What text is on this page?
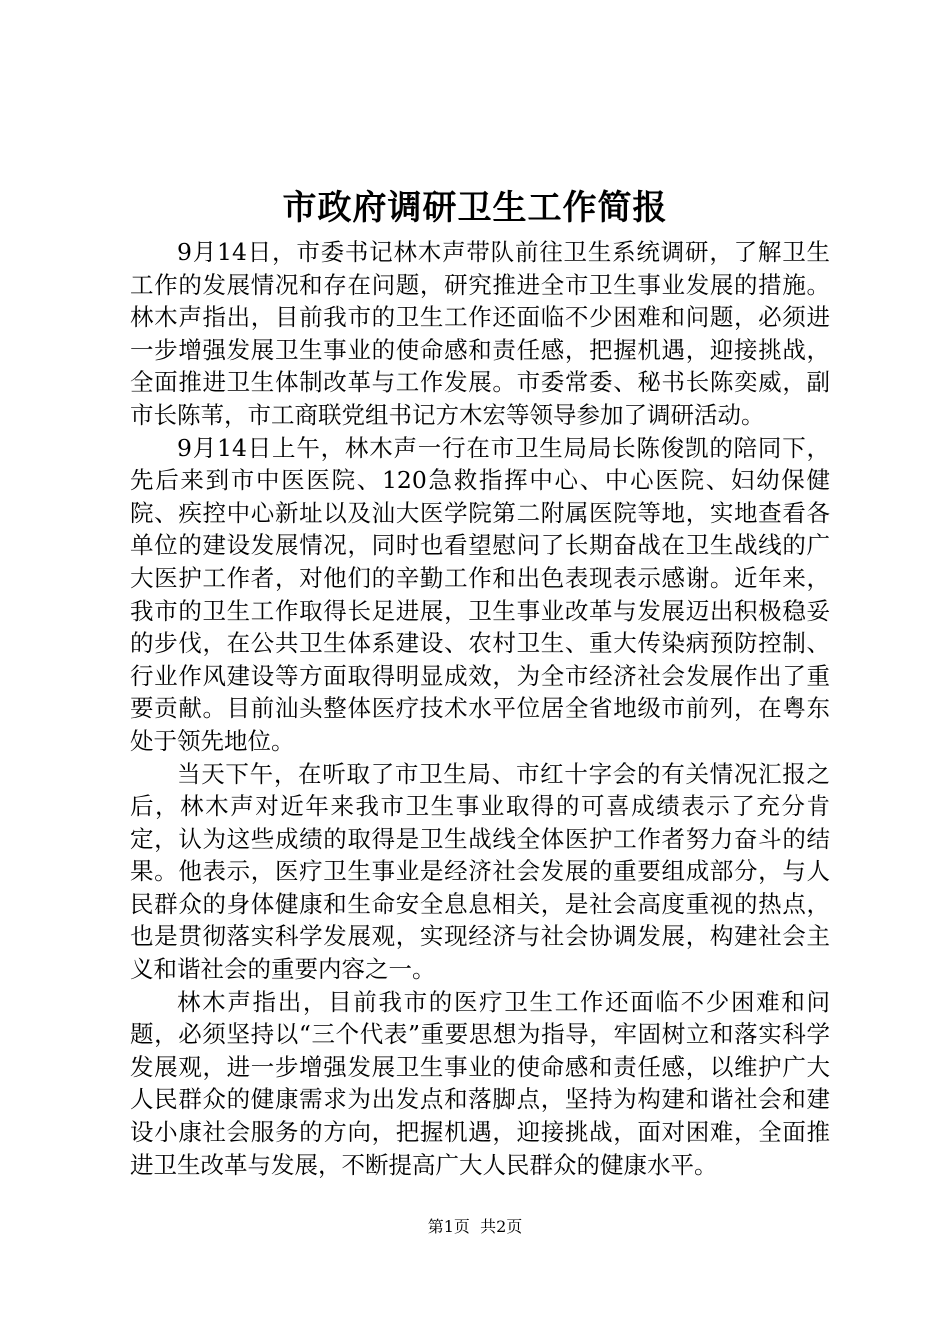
市政府调研卫生工作简报

9月14日，市委书记林木声带队前往卫生系统调研，了解卫生工作的发展情况和存在问题，研究推进全市卫生事业发展的措施。林木声指出，目前我市的卫生工作还面临不少困难和问题，必须进一步增强发展卫生事业的使命感和责任感，把握机遇，迎接挑战，全面推进卫生体制改革与工作发展。市委常委、秘书长陈奕威，副市长陈苇，市工商联党组书记方木宏等领导参加了调研活动。

9月14日上午，林木声一行在市卫生局局长陈俊凯的陪同下，先后来到市中医医院、120急救指挥中心、中心医院、妇幼保健院、疾控中心新址以及汕大医学院第二附属医院等地，实地查看各单位的建设发展情况，同时也看望慰问了长期奋战在卫生战线的广大医护工作者，对他们的辛勤工作和出色表现表示感谢。近年来，我市的卫生工作取得长足进展，卫生事业改革与发展迈出积极稳妥的步伐，在公共卫生体系建设、农村卫生、重大传染病预防控制、行业作风建设等方面取得明显成效，为全市经济社会发展作出了重要贡献。目前汕头整体医疗技术水平位居全省地级市前列，在粤东处于领先地位。

当天下午，在听取了市卫生局、市红十字会的有关情况汇报之后，林木声对近年来我市卫生事业取得的可喜成绩表示了充分肯定，认为这些成绩的取得是卫生战线全体医护工作者努力奋斗的结果。他表示，医疗卫生事业是经济社会发展的重要组成部分，与人民群众的身体健康和生命安全息息相关，是社会高度重视的热点，也是贯彻落实科学发展观，实现经济与社会协调发展，构建社会主义和谐社会的重要内容之一。

林木声指出，目前我市的医疗卫生工作还面临不少困难和问题，必须坚持以“三个代表”重要思想为指导，牢固树立和落实科学发展观，进一步增强发展卫生事业的使命感和责任感，以维护广大人民群众的健康需求为出发点和落脚点，坚持为构建和谐社会和建设小康社会服务的方向，把握机遇，迎接挑战，面对困难，全面推进卫生改革与发展，不断提高广大人民群众的健康水平。

第1页 共2页
